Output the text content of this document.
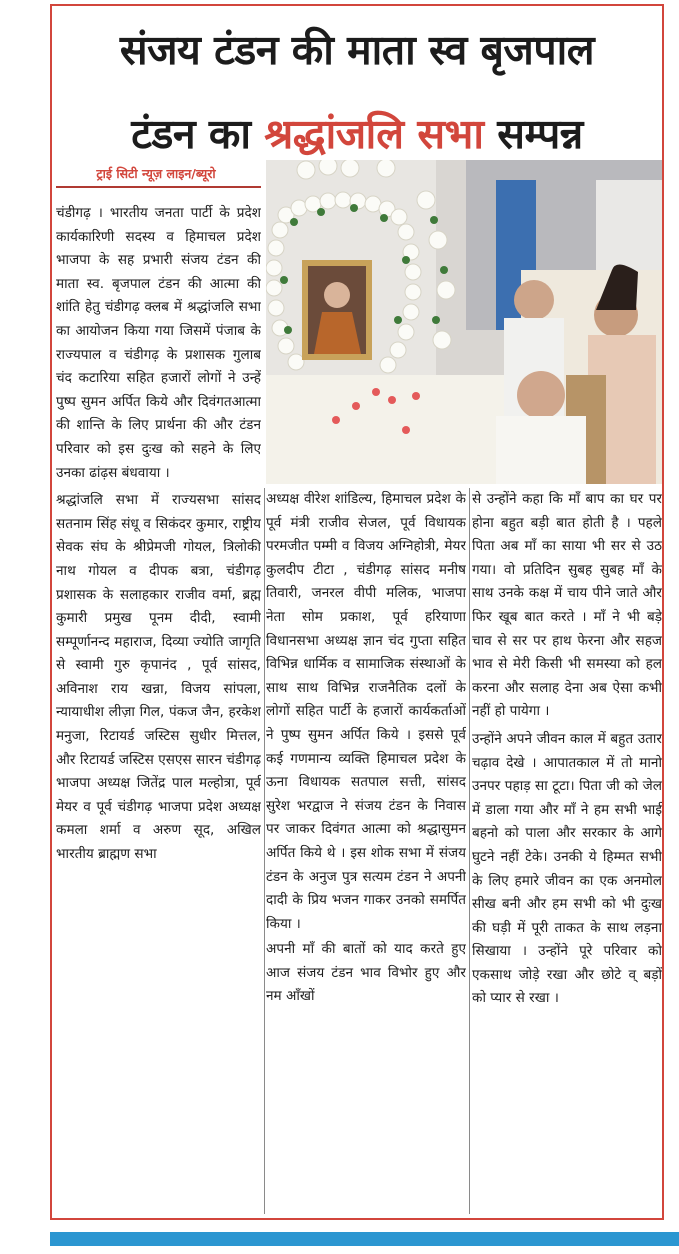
संजय टंडन की माता स्व बृजपाल
टंडन का श्रद्धांजलि सभा सम्पन्न
ट्राई सिटी न्यूज़ लाइन/ब्यूरो

चंडीगढ़ । भारतीय जनता पार्टी के प्रदेश कार्यकारिणी सदस्य व हिमाचल प्रदेश भाजपा के सह प्रभारी संजय टंडन की माता स्व. बृजपाल टंडन की आत्मा की शांति हेतु चंडीगढ़ क्लब में श्रद्धांजलि सभा का आयोजन किया गया जिसमें पंजाब के राज्यपाल व चंडीगढ़ के प्रशासक गुलाब चंद कटारिया सहित हजारों लोगों ने उन्हें पुष्प सुमन अर्पित किये और दिवंगतआत्मा की शान्ति के लिए प्रार्थना की और टंडन परिवार को इस दुःख को सहने के लिए उनका ढांढ़स बंधवाया ।

श्रद्धांजलि सभा में राज्यसभा सांसद सतनाम सिंह संधू व सिकंदर कुमार, राष्ट्रीय सेवक संघ के श्रीप्रेमजी गोयल, त्रिलोकी नाथ गोयल व दीपक बत्रा, चंडीगढ़ प्रशासक के सलाहकार राजीव वर्मा, ब्रह्म कुमारी प्रमुख पूनम दीदी, स्वामी सम्पूर्णानन्द महाराज, दिव्या ज्योति जागृति से स्वामी गुरु कृपानंद , पूर्व सांसद, अविनाश राय खन्ना, विजय सांपला, न्यायाधीश लीज़ा गिल, पंकज जैन, हरकेश मनुजा, रिटायर्ड जस्टिस सुधीर मित्तल, और रिटायर्ड जस्टिस एसएस सारन चंडीगढ़ भाजपा अध्यक्ष जितेंद्र पाल मल्होत्रा, पूर्व मेयर व पूर्व चंडीगढ़ भाजपा प्रदेश अध्यक्ष कमला शर्मा व अरुण सूद, अखिल भारतीय ब्राह्मण सभा

अध्यक्ष वीरेश शांडिल्य, हिमाचल प्रदेश के पूर्व मंत्री राजीव सेजल, पूर्व विधायक परमजीत पम्मी व विजय अग्निहोत्री, मेयर कुलदीप टीटा , चंडीगढ़ सांसद मनीष तिवारी, जनरल वीपी मलिक, भाजपा नेता सोम प्रकाश, पूर्व हरियाणा विधानसभा अध्यक्ष ज्ञान चंद गुप्ता सहित विभिन्न धार्मिक व सामाजिक संस्थाओं के साथ साथ विभिन्न राजनैतिक दलों के लोगों सहित पार्टी के हजारों कार्यकर्ताओं ने पुष्प सुमन अर्पित किये । इससे पूर्व कई गणमान्य व्यक्ति हिमाचल प्रदेश के ऊना विधायक सतपाल सत्ती, सांसद सुरेश भरद्वाज ने संजय टंडन के निवास पर जाकर दिवंगत आत्मा को श्रद्धासुमन अर्पित किये थे । इस शोक सभा में संजय टंडन के अनुज पुत्र सत्यम टंडन ने अपनी दादी के प्रिय भजन गाकर उनको समर्पित किया ।

अपनी माँ की बातों को याद करते हुए आज संजय टंडन भाव विभोर हुए और नम आँखों

से उन्होंने कहा कि माँ बाप का घर पर होना बहुत बड़ी बात होती है । पहले पिता अब माँ का साया भी सर से उठ गया। वो प्रतिदिन सुबह सुबह माँ के साथ उनके कक्ष में चाय पीने जाते और फिर खूब बात करते । माँ ने भी बड़े चाव से सर पर हाथ फेरना और सहज भाव से मेरी किसी भी समस्या को हल करना और सलाह देना अब ऐसा कभी नहीं हो पायेगा ।

उन्होंने अपने जीवन काल में बहुत उतार चढ़ाव देखे । आपातकाल में तो मानो उनपर पहाड़ सा टूटा। पिता जी को जेल में डाला गया और माँ ने हम सभी भाई बहनो को पाला और सरकार के आगे घुटने नहीं टेके। उनकी ये हिम्मत सभी के लिए हमारे जीवन का एक अनमोल सीख बनी और हम सभी को भी दुःख की घड़ी में पूरी ताकत के साथ लड़ना सिखाया । उन्होंने पूरे परिवार को एकसाथ जोड़े रखा और छोटे व् बड़ों को प्यार से रखा ।
